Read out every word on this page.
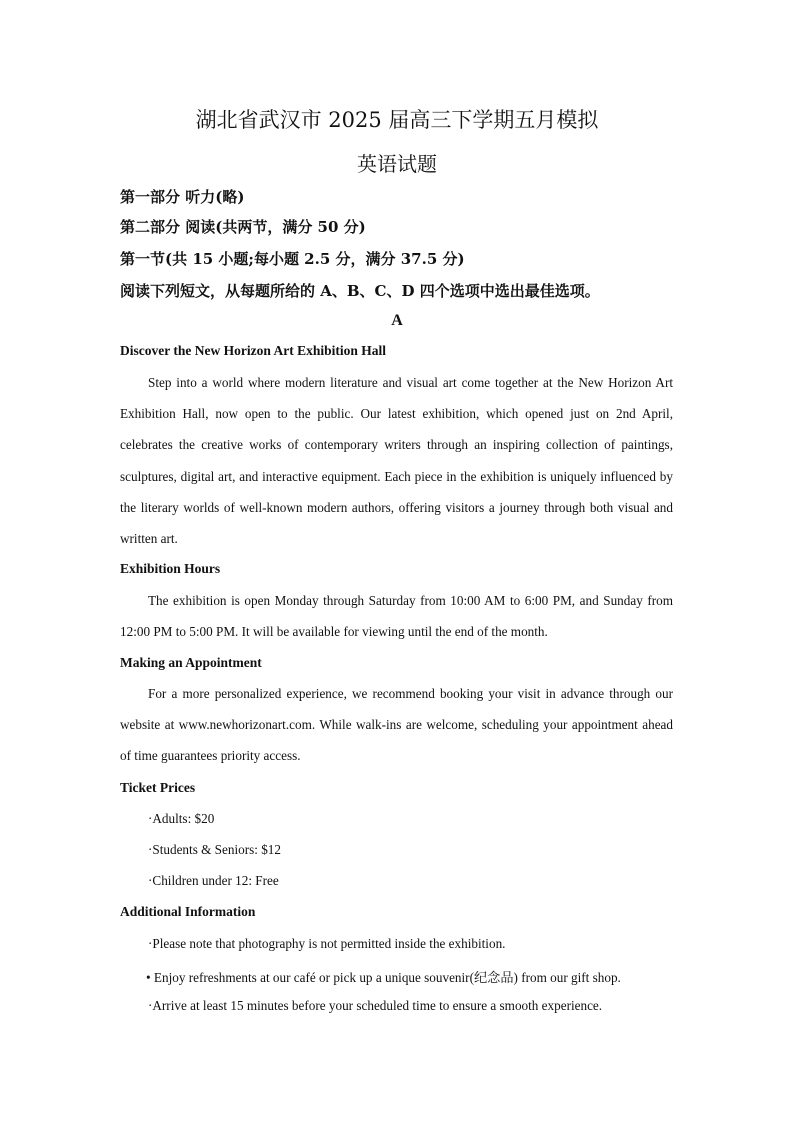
湖北省武汉市 2025 届高三下学期五月模拟
英语试题
第一部分 听力(略)
第二部分 阅读(共两节，满分 50 分)
第一节(共 15 小题;每小题 2.5 分，满分 37.5 分)
阅读下列短文，从每题所给的 A、B、C、D 四个选项中选出最佳选项。
A
Discover the New Horizon Art Exhibition Hall

Step into a world where modern literature and visual art come together at the New Horizon Art Exhibition Hall, now open to the public. Our latest exhibition, which opened just on 2nd April, celebrates the creative works of contemporary writers through an inspiring collection of paintings, sculptures, digital art, and interactive equipment. Each piece in the exhibition is uniquely influenced by the literary worlds of well-known modern authors, offering visitors a journey through both visual and written art.

Exhibition Hours

The exhibition is open Monday through Saturday from 10:00 AM to 6:00 PM, and Sunday from 12:00 PM to 5:00 PM. It will be available for viewing until the end of the month.

Making an Appointment

For a more personalized experience, we recommend booking your visit in advance through our website at www.newhorizonart.com. While walk-ins are welcome, scheduling your appointment ahead of time guarantees priority access.

Ticket Prices
·Adults: $20
·Students & Seniors: $12
·Children under 12: Free
Additional Information
·Please note that photography is not permitted inside the exhibition.
• Enjoy refreshments at our café or pick up a unique souvenir(纪念品) from our gift shop.
·Arrive at least 15 minutes before your scheduled time to ensure a smooth experience.
